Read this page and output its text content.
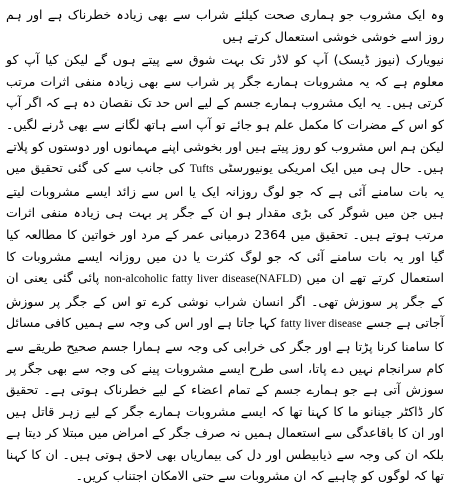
وہ ایک مشروب جو ہماری صحت کیلئے شراب سے بھی زیادہ خطرناک ہے اور ہم روز اسے خوشی خوشی استعمال کرتے ہیں

نیویارک (نیوز ڈیسک) آپ کو لاڈر تک بہت شوق سے پیتے ہوں گے لیکن کیا آپ کو معلوم ہے کہ یہ مشروبات ہمارے جگر پر شراب سے بھی زیادہ منفی اثرات مرتب کرتی ہیں۔ یہ ایک مشروب ہمارے جسم کے لیے اس حد تک نقصان دہ ہے کہ اگر آپ کو اس کے مضرات کا مکمل علم ہو جائے تو آپ اسے ہاتھ لگانے سے بھی ڈرنے لگیں۔ لیکن ہم اس مشروب کو روز پیتے ہیں اور بخوشی اپنے مہمانوں اور دوستوں کو پلاتے ہیں۔ حال ہی میں ایک امریکی یونیورسٹی Tufts کی جانب سے کی گئی تحقیق میں یہ بات سامنے آئی ہے کہ جو لوگ روزانہ ایک یا اس سے زائد ایسے مشروبات لیتے ہیں جن میں شوگر کی بڑی مقدار ہو ان کے جگر پر بہت ہی زیادہ منفی اثرات مرتب ہوتے ہیں۔ تحقیق میں 2364 درمیانی عمر کے مرد اور خواتین کا مطالعہ کیا گیا اور یہ بات سامنے آئی کہ جو لوگ کثرت یا دن میں روزانہ ایسے مشروبات کا استعمال کرتے تھے ان میں (NAFLD)non-alcoholic fatty liver disease پائی گئی یعنی ان کے جگر پر سوزش تھی۔ اگر انسان شراب نوشی کرے تو اس کے جگر پر سوزش آجاتی ہے جسے fatty liver disease کہا جاتا ہے اور اس کی وجہ سے ہمیں کافی مسائل کا سامنا کرنا پڑتا ہے اور جگر کی خرابی کی وجہ سے ہمارا جسم صحیح طریقے سے کام سرانجام نہیں دے پاتا، اسی طرح ایسے مشروبات پینے کی وجہ سے بھی جگر پر سوزش آتی ہے جو ہمارے جسم کے تمام اعضاء کے لیے خطرناک ہوتی ہے۔ تحقیق کار ڈاکٹر جینانو ما کا کہنا تھا کہ ایسے مشروبات ہمارے جگر کے لیے زہر قاتل ہیں اور ان کا باقاعدگی سے استعمال ہمیں نہ صرف جگر کے امراض میں مبتلا کر دیتا ہے بلکہ ان کی وجہ سے ذیابیطس اور دل کی بیماریاں بھی لاحق ہوتی ہیں۔ ان کا کہنا تھا کہ لوگوں کو چاہیے کہ ان مشروبات سے حتی الامکان اجتناب کریں۔
